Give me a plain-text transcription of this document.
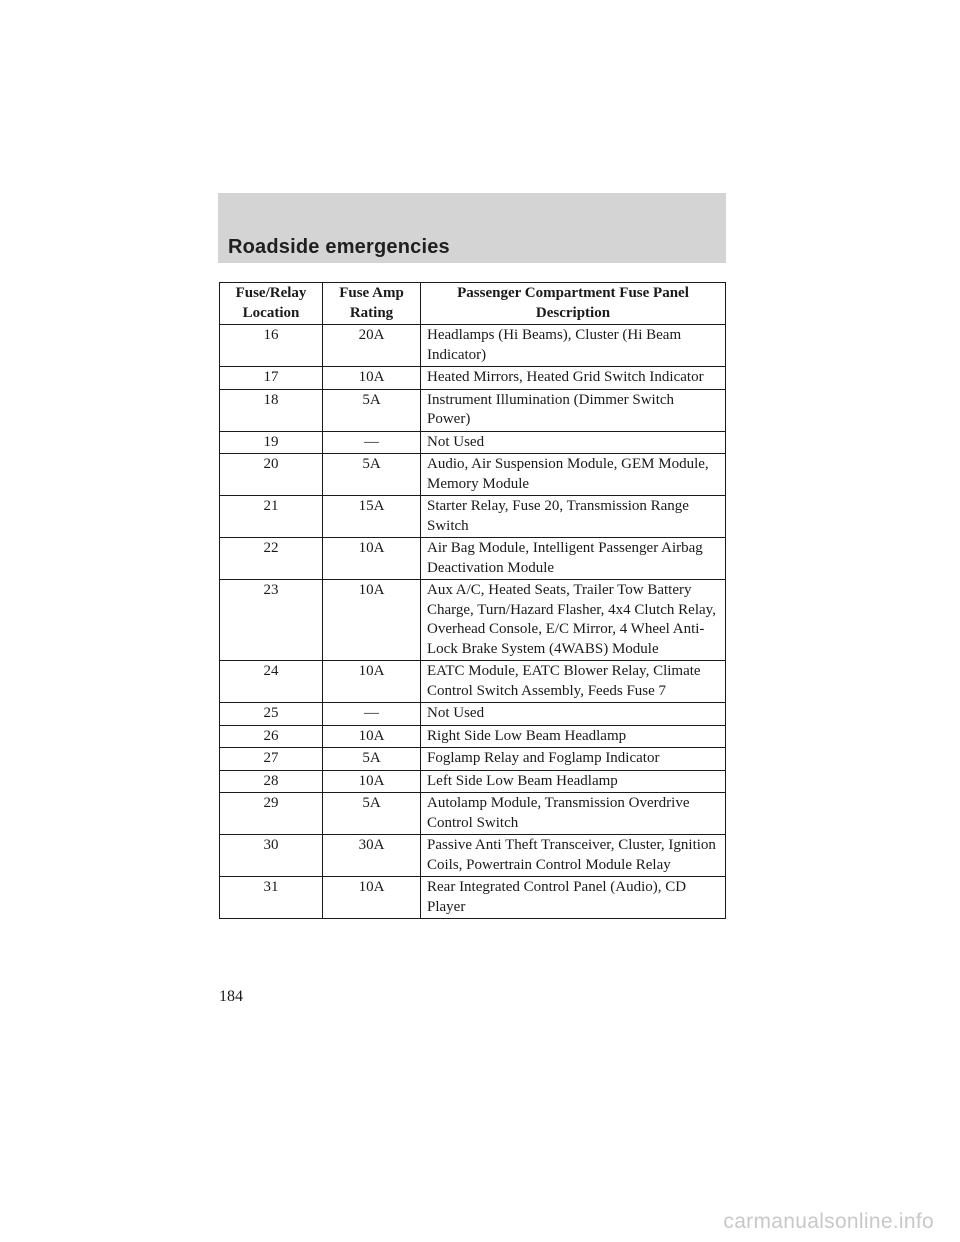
Roadside emergencies
Fuse/Relay Location	Fuse Amp Rating	Passenger Compartment Fuse Panel Description
16	20A	Headlamps (Hi Beams), Cluster (Hi Beam Indicator)
17	10A	Heated Mirrors, Heated Grid Switch Indicator
18	5A	Instrument Illumination (Dimmer Switch Power)
19	—	Not Used
20	5A	Audio, Air Suspension Module, GEM Module, Memory Module
21	15A	Starter Relay, Fuse 20, Transmission Range Switch
22	10A	Air Bag Module, Intelligent Passenger Airbag Deactivation Module
23	10A	Aux A/C, Heated Seats, Trailer Tow Battery Charge, Turn/Hazard Flasher, 4x4 Clutch Relay, Overhead Console, E/C Mirror, 4 Wheel Anti-Lock Brake System (4WABS) Module
24	10A	EATC Module, EATC Blower Relay, Climate Control Switch Assembly, Feeds Fuse 7
25	—	Not Used
26	10A	Right Side Low Beam Headlamp
27	5A	Foglamp Relay and Foglamp Indicator
28	10A	Left Side Low Beam Headlamp
29	5A	Autolamp Module, Transmission Overdrive Control Switch
30	30A	Passive Anti Theft Transceiver, Cluster, Ignition Coils, Powertrain Control Module Relay
31	10A	Rear Integrated Control Panel (Audio), CD Player
184
carmanualsonline.info
